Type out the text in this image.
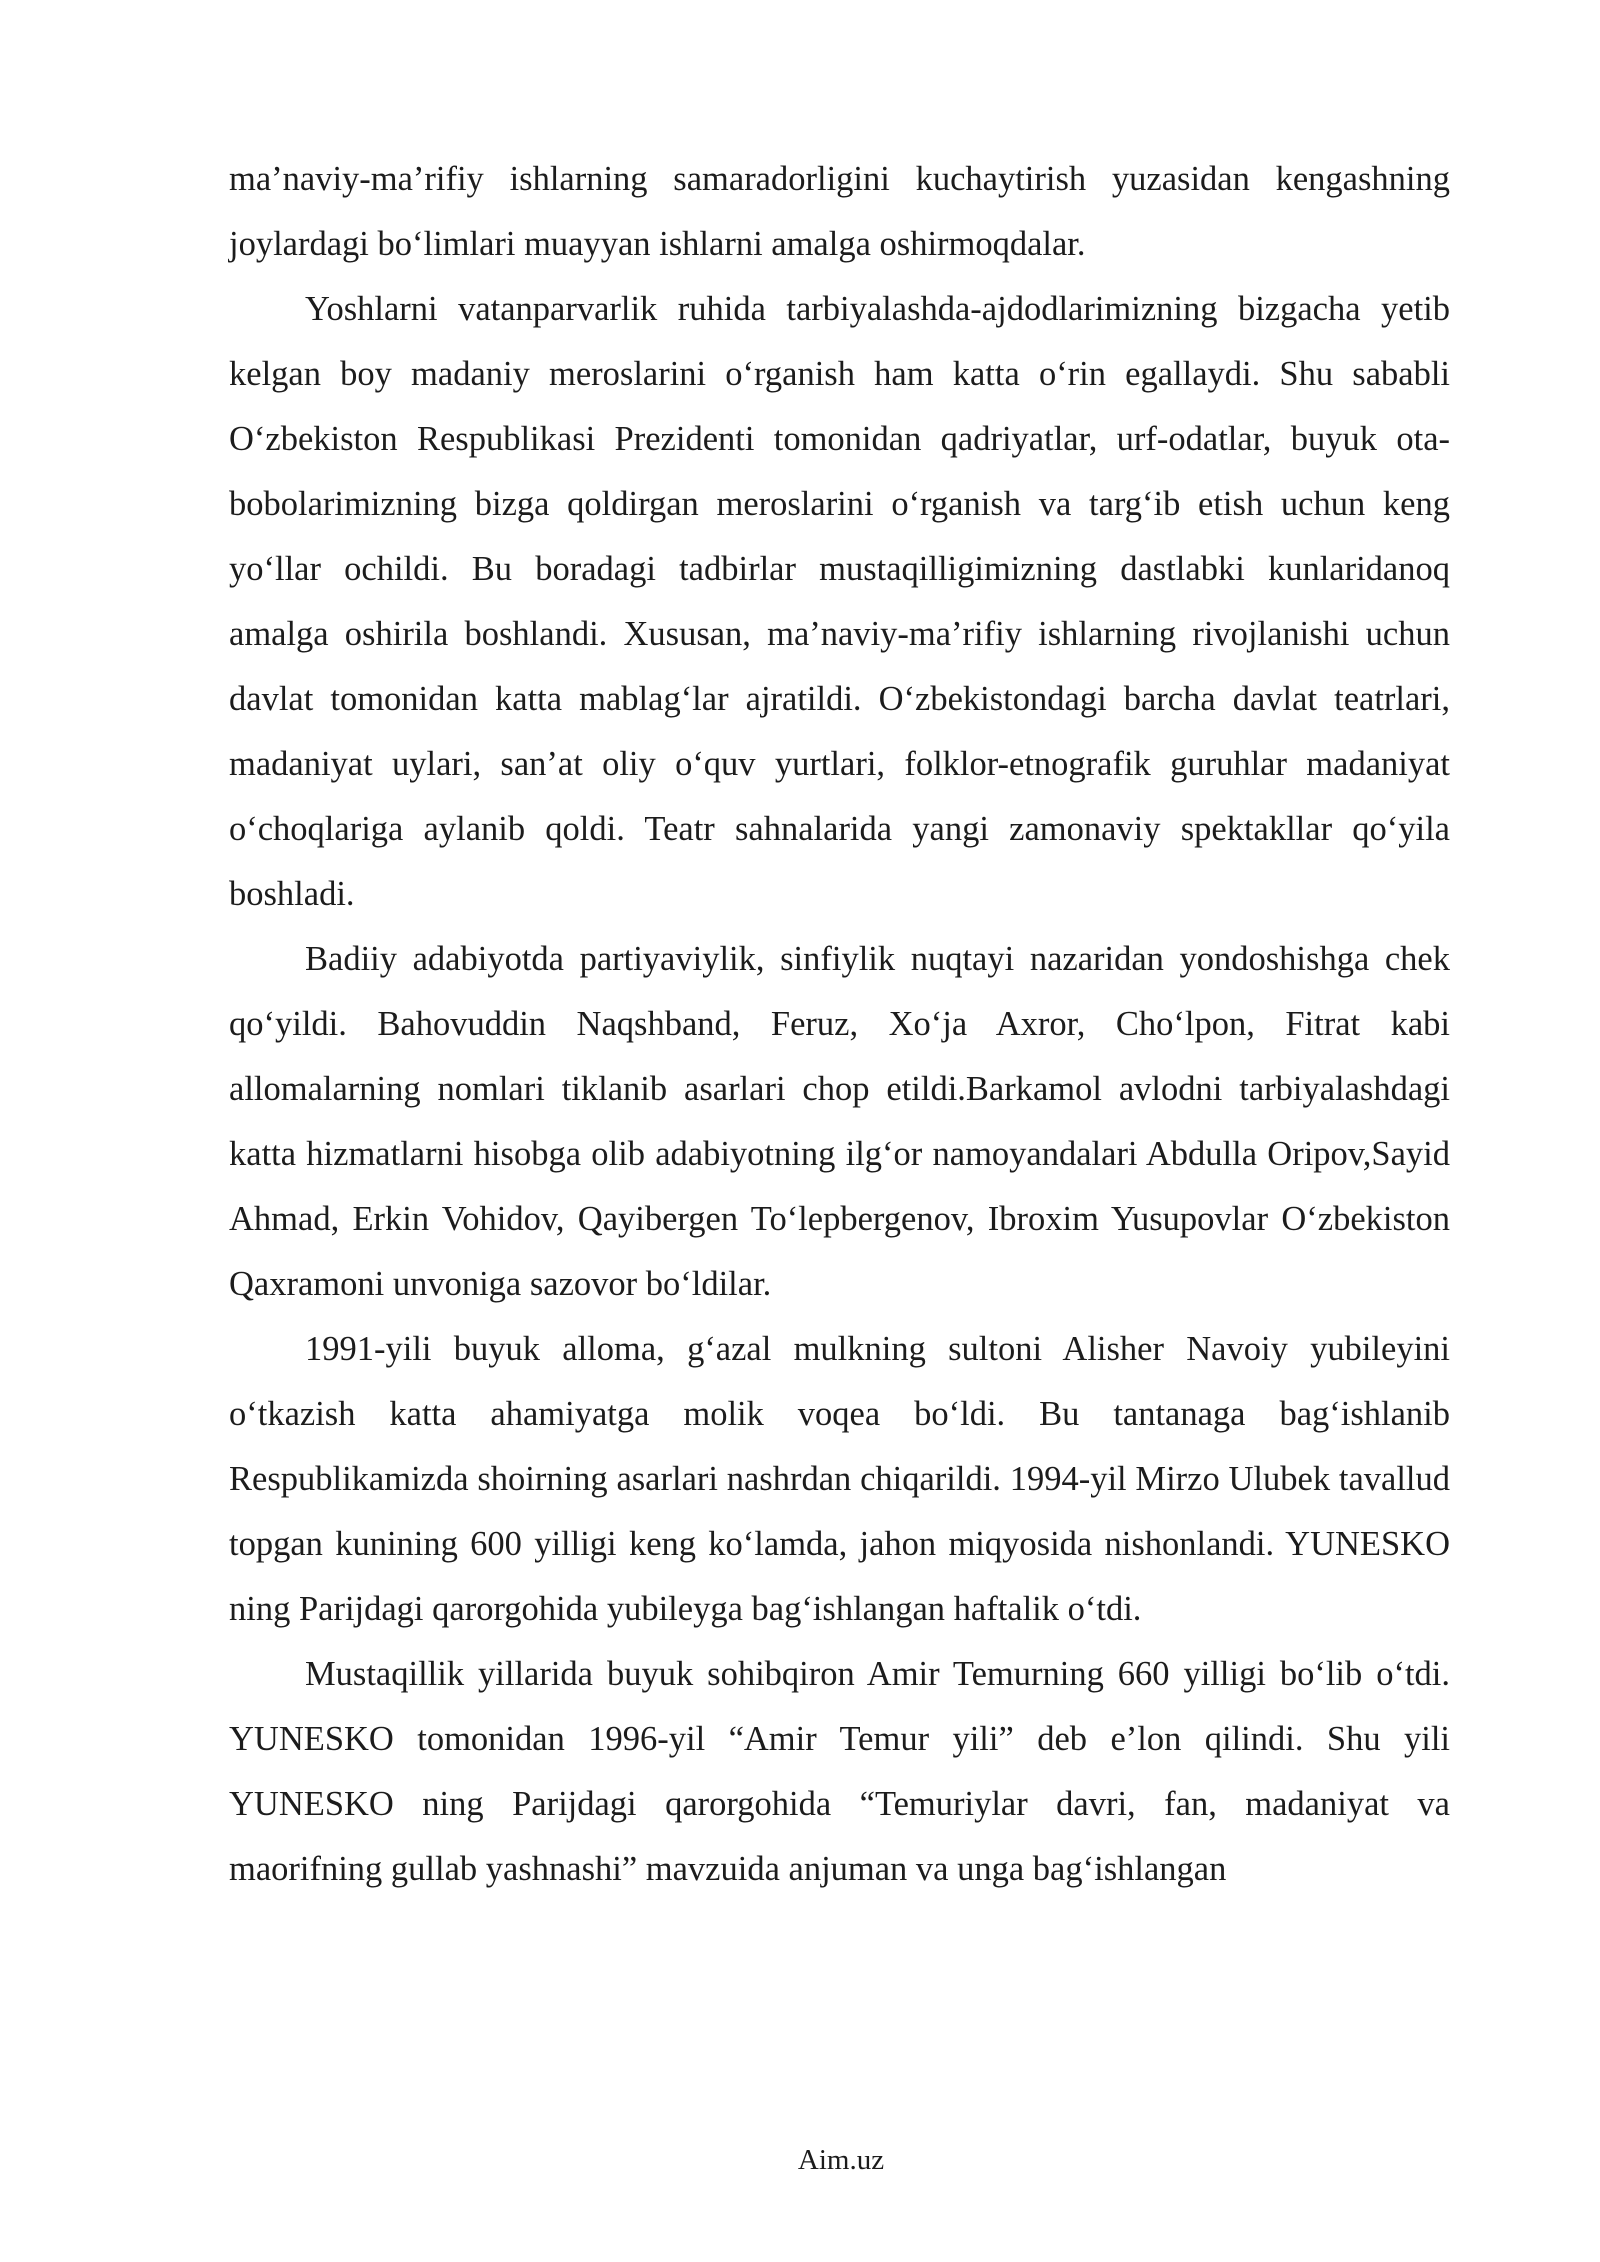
ma’naviy-ma’rifiy ishlarning samaradorligini kuchaytirish yuzasidan kengashning joylardagi bo‘limlari muayyan ishlarni amalga oshirmoqdalar.

Yoshlarni vatanparvarlik ruhida tarbiyalashda-ajdodlarimizning bizgacha yetib kelgan boy madaniy meroslarini o‘rganish ham katta o‘rin egallaydi. Shu sababli O‘zbekiston Respublikasi Prezidenti tomonidan qadriyatlar, urf-odatlar, buyuk ota-bobolarimizning bizga qoldirgan meroslarini o‘rganish va targ‘ib etish uchun keng yo‘llar ochildi. Bu boradagi tadbirlar mustaqilligimizning dastlabki kunlaridanoq amalga oshirila boshlandi. Xususan, ma’naviy-ma’rifiy ishlarning rivojlanishi uchun davlat tomonidan katta mablag‘lar ajratildi. O‘zbekistondagi barcha davlat teatrlari, madaniyat uylari, san’at oliy o‘quv yurtlari, folklor-etnografik guruhlar madaniyat o‘choqlariga aylanib qoldi. Teatr sahnalarida yangi zamonaviy spektakllar qo‘yila boshladi.

Badiiy adabiyotda partiyaviylik, sinfiylik nuqtayi nazaridan yondoshishga chek qo‘yildi. Bahovuddin Naqshband, Feruz, Xo‘ja Axror, Cho‘lpon, Fitrat kabi allomalarning nomlari tiklanib asarlari chop etildi.Barkamol avlodni tarbiyalashdagi katta hizmatlarni hisobga olib adabiyotning ilg‘or namoyandalari Abdulla Oripov,Sayid Ahmad, Erkin Vohidov, Qayibergen To‘lepbergenov, Ibroxim Yusupovlar O‘zbekiston Qaxramoni unvoniga sazovor bo‘ldilar.

1991-yili buyuk alloma, g‘azal mulkning sultoni Alisher Navoiy yubileyini o‘tkazish katta ahamiyatga molik voqea bo‘ldi. Bu tantanaga bag‘ishlanib Respublikamizda shoirning asarlari nashrdan chiqarildi. 1994-yil Mirzo Ulubek tavallud topgan kunining 600 yilligi keng ko‘lamda, jahon miqyosida nishonlandi. YUNESKO ning Parijdagi qarorgohida yubileyga bag‘ishlangan haftalik o‘tdi.

Mustaqillik yillarida buyuk sohibqiron Amir Temurning 660 yilligi bo‘lib o‘tdi. YUNESKO tomonidan 1996-yil “Amir Temur yili” deb e’lon qilindi. Shu yili YUNESKO ning Parijdagi qarorgohida “Temuriylar davri, fan, madaniyat va maorifning gullab yashnashi” mavzuida anjuman va unga bag‘ishlangan

Aim.uz
